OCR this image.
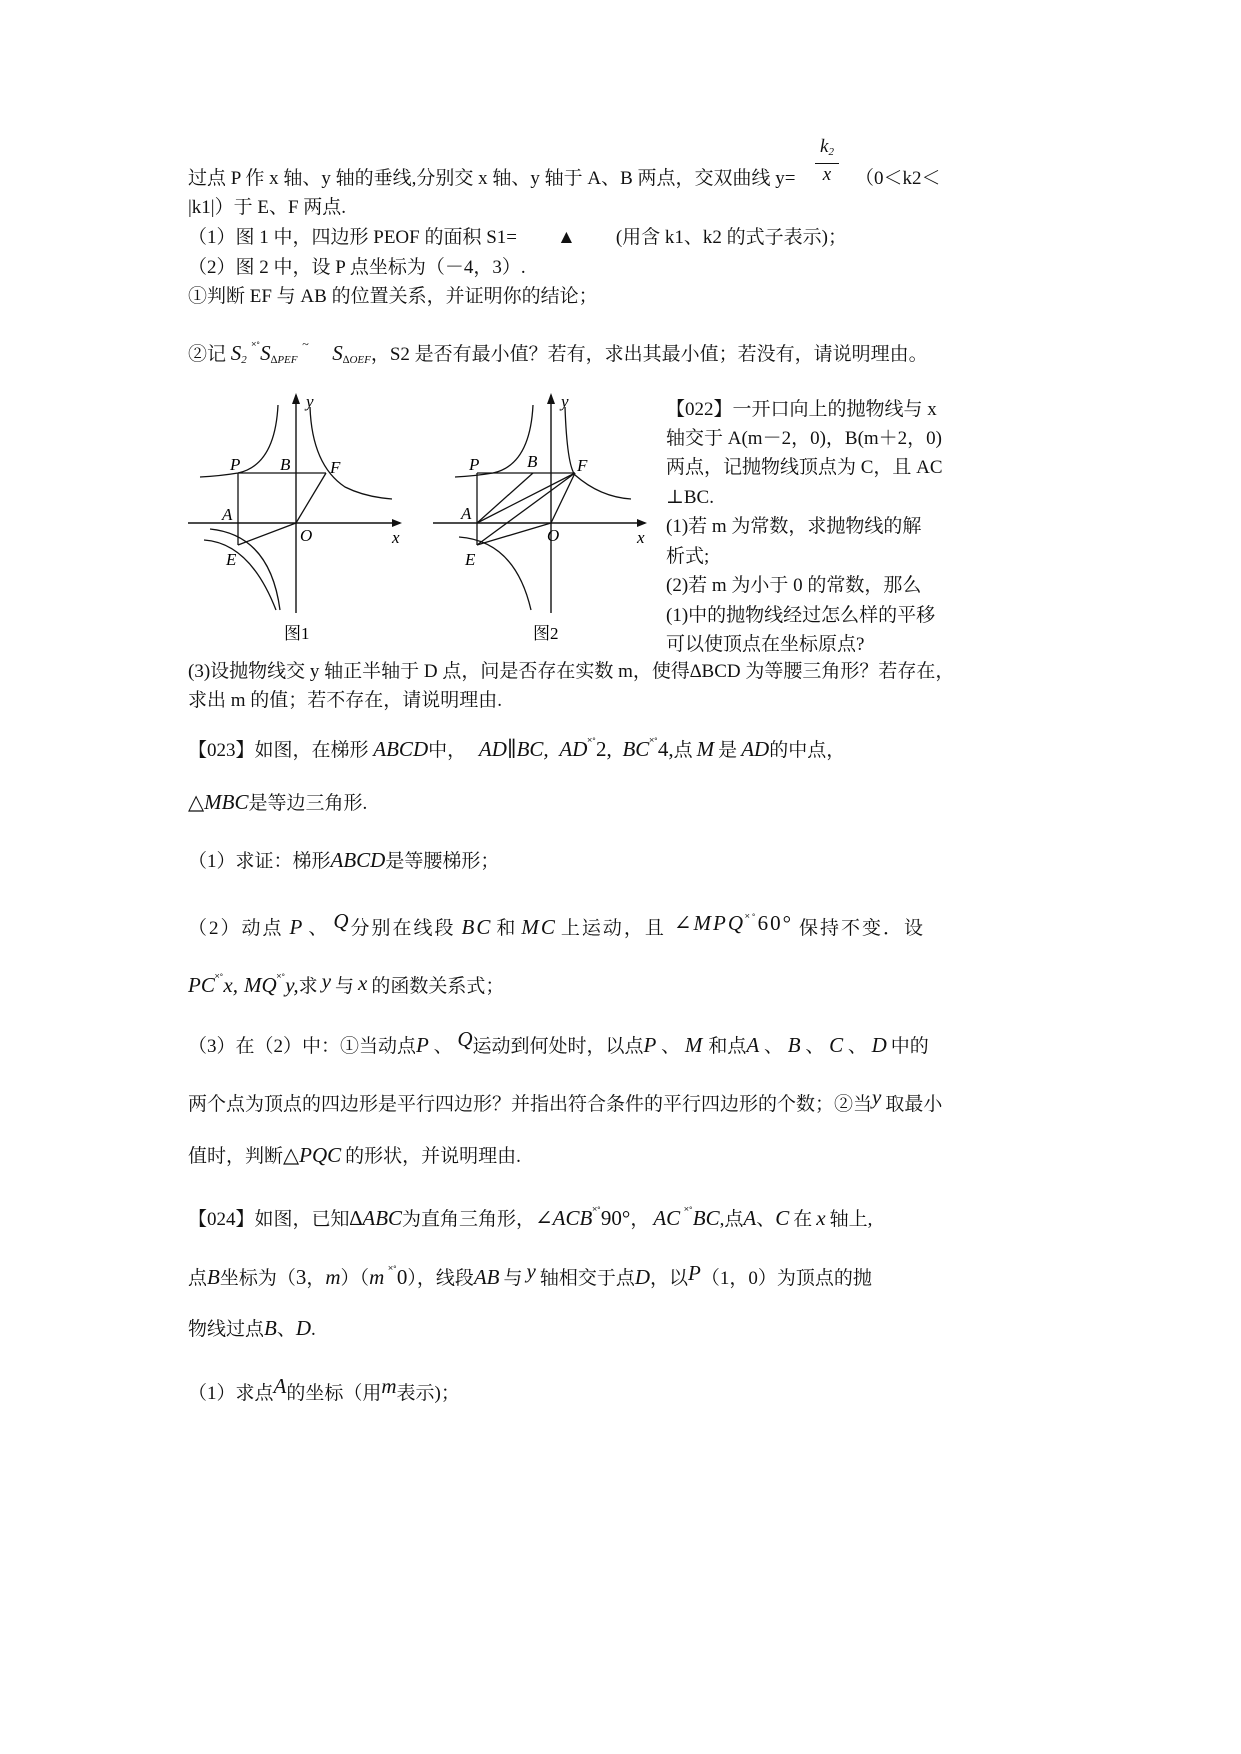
$k_2$
x
过点 P 作 x 轴、y 轴的垂线,分别交 x 轴、y 轴于 A、B 两点，交双曲线 y=	（0＜k2＜
|k1|）于 E、F 两点.
（1）图 1 中，四边形 PEOF 的面积 S1= ▲ (用含 k1、k2 的式子表示)；
（2）图 2 中，设 P 点坐标为（－4，3）.
①判断 EF 与 AB 的位置关系，并证明你的结论；
②记 $S_2$ $^{˟˚}S_{\Delta PEF}$ ~ $S_{\Delta OEF}$，S2 是否有最小值？若有，求出其最小值；若没有，请说明理由。
y
x
P B F
A
O
E
图1
y
x
P	B F
A
O
E
图2
【022】一开口向上的抛物线与 x
轴交于 A(m－2，0)，B(m＋2，0)
两点，记抛物线顶点为 C，且 AC
⊥BC.
(1)若 m 为常数，求抛物线的解
析式;
(2)若 m 为小于 0 的常数，那么
(1)中的抛物线经过怎么样的平移
可以使顶点在坐标原点?
(3)设抛物线交 y 轴正半轴于 D 点，问是否存在实数 m，使得∆BCD 为等腰三角形？若存在，
求出 m 的值；若不存在，请说明理由.
【023】如图，在梯形 ABCD中， AD∥BC, AD˟˚2, BC˟˚4,点 M 是 AD的中点，
△MBC是等边三角形.
（1）求证：梯形ABCD是等腰梯形；
（2）动点 P 、 Q分别在线段 BC 和 MC 上运动，且 ∠MPQ˟˚60° 保持不变．设
PC˟˚x, MQ˟˚y,求 y 与 x 的函数关系式；
（3）在（2）中：①当动点P 、 Q运动到何处时，以点P 、 M 和点A 、 B 、 C 、 D 中的
两个点为顶点的四边形是平行四边形？并指出符合条件的平行四边形的个数；②当y 取最小
值时，判断△PQC 的形状，并说明理由.
【024】如图，已知∆ABC为直角三角形，∠ACB˟˚90°， AC ˟˚BC,点A、C 在 x 轴上,
点B坐标为（3，m）（m ˟˚0），线段AB 与 y 轴相交于点D，以P（1，0）为顶点的抛
物线过点B、D.
（1）求点A的坐标（用m表示)；
